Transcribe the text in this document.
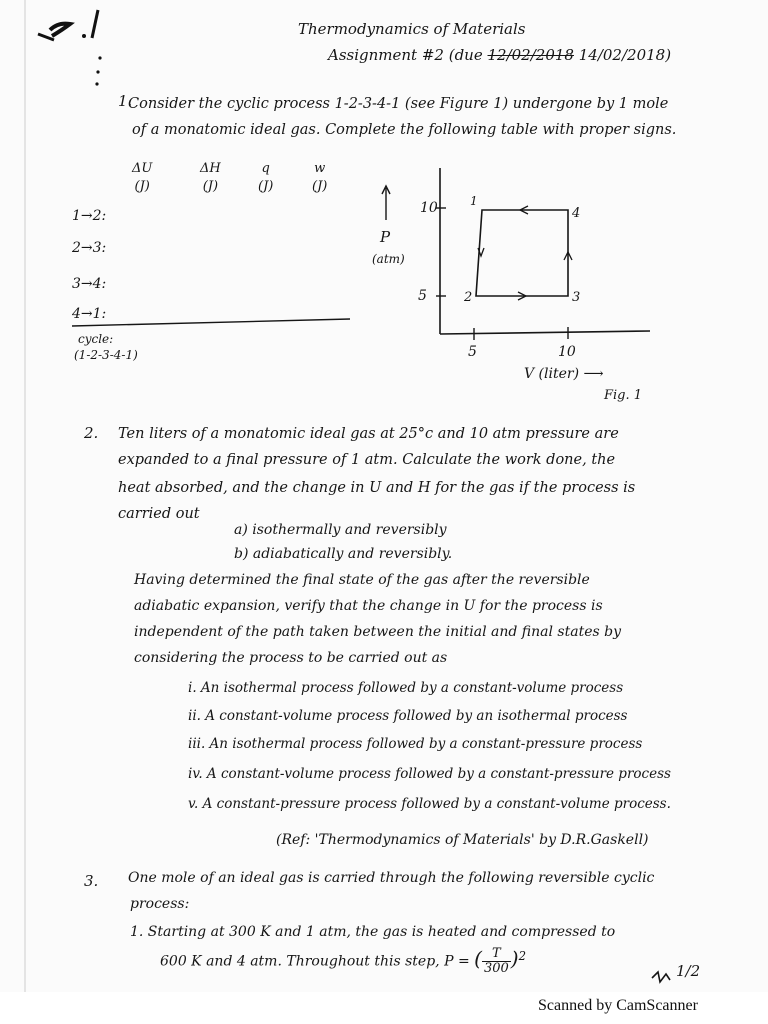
Thermodynamics of Materials
Assignment #2 (due 12/02/2018 14/02/2018)
1.
Consider the cyclic process 1-2-3-4-1 (see Figure 1) undergone by 1 mole
of a monatomic ideal gas. Complete the following table with proper signs.
ΔU
(J)
ΔH
(J)
q
(J)
w
(J)
1→2:
2→3:
3→4:
4→1:
cycle:
(1-2-3-4-1)
P
(atm)
10
5
5	10
1
4
2	3
V (liter) ⟶
Fig. 1
2. Ten liters of a monatomic ideal gas at 25°c and 10 atm pressure are
expanded to a final pressure of 1 atm. Calculate the work done, the
heat absorbed, and the change in U and H for the gas if the process is
carried out
a) isothermally and reversibly
b) adiabatically and reversibly.
Having determined the final state of the gas after the reversible
adiabatic expansion, verify that the change in U for the process is
independent of the path taken between the initial and final states by
considering the process to be carried out as
i. An isothermal process followed by a constant-volume process
ii. A constant-volume process followed by an isothermal process
iii. An isothermal process followed by a constant-pressure process
iv. A constant-volume process followed by a constant-pressure process
v. A constant-pressure process followed by a constant-volume process.
(Ref: 'Thermodynamics of Materials' by D.R.Gaskell)
3. One mole of an ideal gas is carried through the following reversible cyclic
process:
1. Starting at 300 K and 1 atm, the gas is heated and compressed to
600 K and 4 atm. Throughout this step, P = ( $\frac{T}{300} )^2$
1/2
Scanned by CamScanner
